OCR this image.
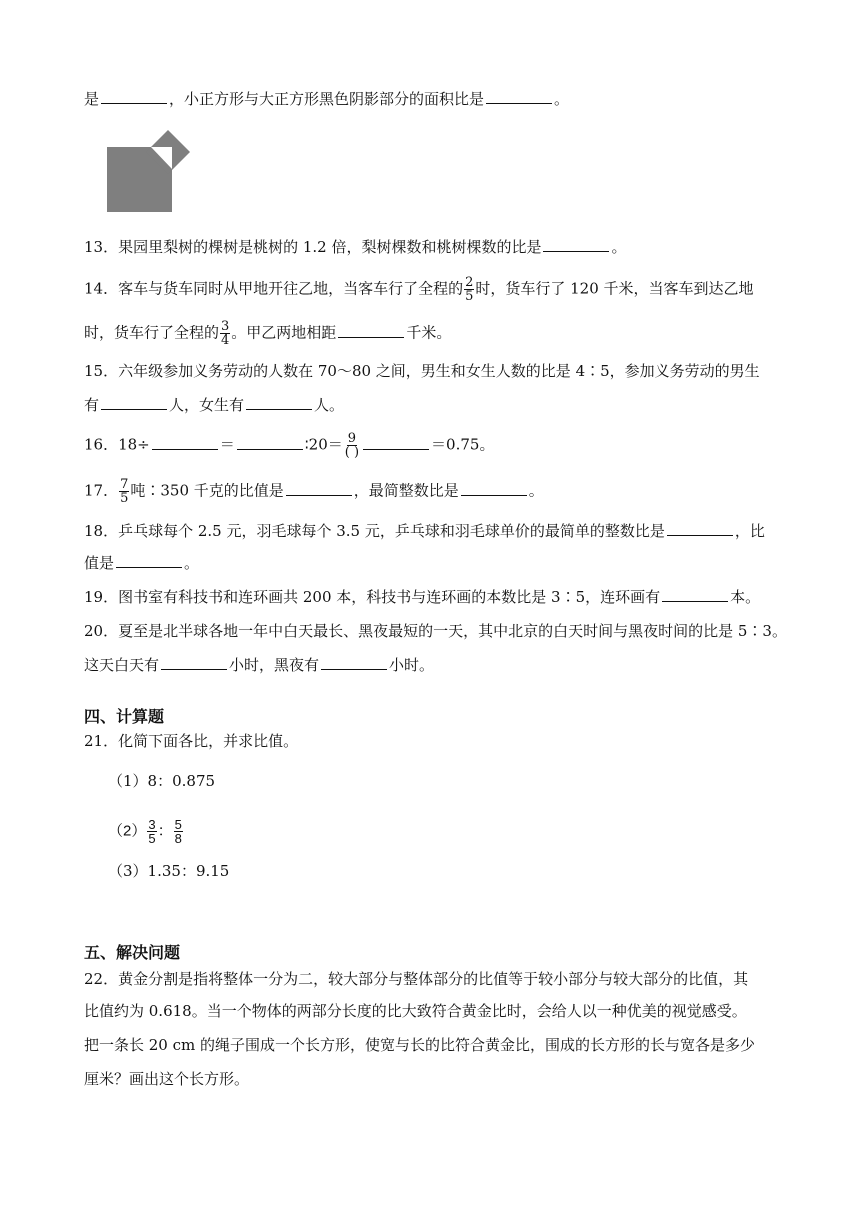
是	，小正方形与大正方形黑色阴影部分的面积比是	。
13．果园里梨树的棵树是桃树的 1.2 倍，梨树棵数和桃树棵数的比是	。
14．客车与货车同时从甲地开往乙地，当客车行了全程的 $\frac{2}{5}$ 时，货车行了 120 千米，当客车到达乙地
时，货车行了全程的 $\frac{3}{4}$ 。甲乙两地相距	千米。
15．六年级参加义务劳动的人数在 70～80 之间，男生和女生人数的比是 4∶5，参加义务劳动的男生
有	人，女生有	人。
16．18÷	＝	∶20＝ $\frac{9}{( )}$	＝0.75。
17． $\frac{7}{5}$ 吨∶350 千克的比值是	，最简整数比是	。
18．乒乓球每个 2.5 元，羽毛球每个 3.5 元，乒乓球和羽毛球单价的最简单的整数比是	，比
值是	。
19．图书室有科技书和连环画共 200 本，科技书与连环画的本数比是 3∶5，连环画有	本。
20．夏至是北半球各地一年中白天最长、黑夜最短的一天，其中北京的白天时间与黑夜时间的比是 5∶3。
这天白天有	小时，黑夜有	小时。
四、计算题
21．化简下面各比，并求比值。
（1）8：0.875
$(2) \frac{3}{5}$ ： $\frac{5}{8}$
（3）1.35：9.15
五、解决问题
22．黄金分割是指将整体一分为二，较大部分与整体部分的比值等于较小部分与较大部分的比值，其
比值约为 0.618。当一个物体的两部分长度的比大致符合黄金比时，会给人以一种优美的视觉感受。
把一条长 20 cm 的绳子围成一个长方形，使宽与长的比符合黄金比，围成的长方形的长与宽各是多少
厘米？画出这个长方形。
